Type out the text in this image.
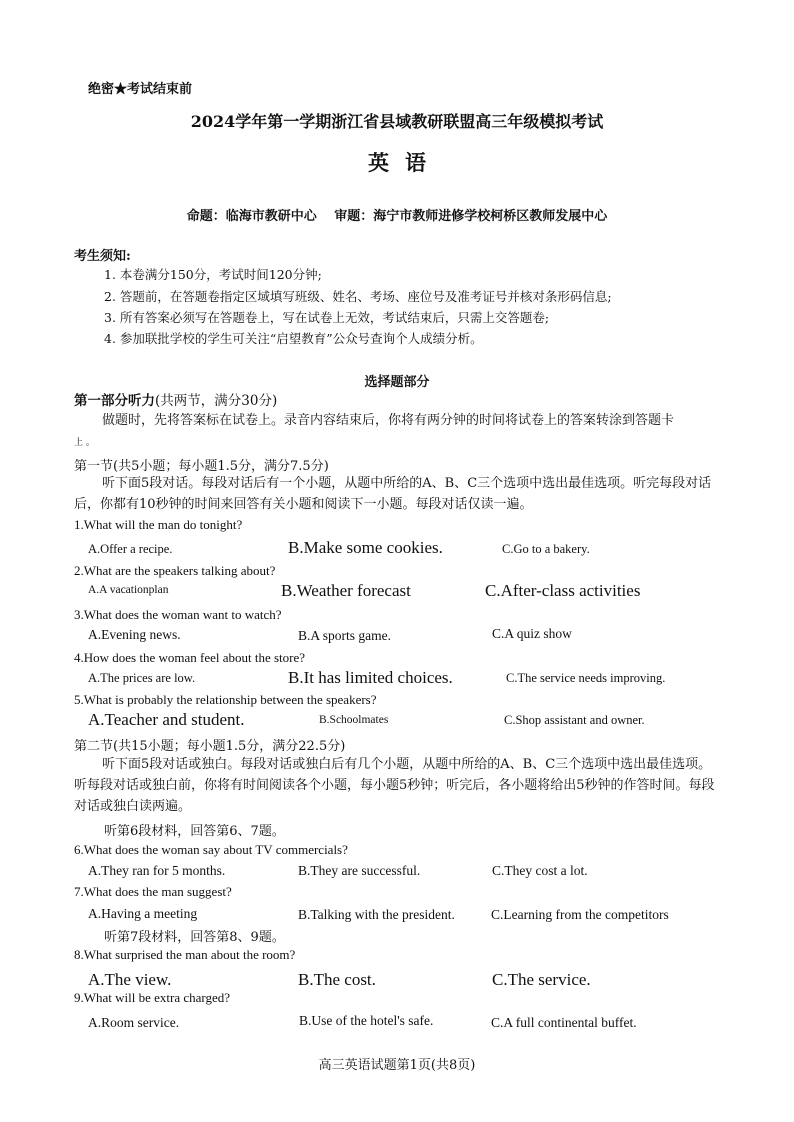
绝密★考试结束前
2024学年第一学期浙江省县域教研联盟高三年级模拟考试
英语
命题：临海市教研中心　 审题：海宁市教师进修学校柯桥区教师发展中心
考生须知:
1. 本卷满分150分，考试时间120分钟;
2. 答题前，在答题卷指定区域填写班级、姓名、考场、座位号及准考证号并核对条形码信息;
3. 所有答案必须写在答题卷上，写在试卷上无效，考试结束后，只需上交答题卷;
4. 参加联批学校的学生可关注“启望教育”公众号查询个人成绩分析。
选择题部分
第一部分听力(共两节，满分30分)
做题时，先将答案标在试卷上。录音内容结束后，你将有两分钟的时间将试卷上的答案转涂到答题卡
上 。
第一节(共5小题；每小题1.5分，满分7.5分)
听下面5段对话。每段对话后有一个小题，从题中所给的A、B、C三个选项中选出最佳选项。听完每段对话后，你都有10秒钟的时间来回答有关小题和阅读下一小题。每段对话仅读一遍。
1.What will the man do tonight?
A.Offer a recipe.	B.Make some cookies.	C.Go to a bakery.
2.What are the speakers talking about?
A.A vacationplan	B.Weather forecast	C.After-class activities
3.What does the woman want to watch?
A.Evening news.	B.A sports game.	C.A quiz show
4.How does the woman feel about the store?
A.The prices are low.	B.It has limited choices.	C.The service needs improving.
5.What is probably the relationship between the speakers?
A.Teacher and student.	B.Schoolmates	C.Shop assistant and owner.
第二节(共15小题；每小题1.5分，满分22.5分)
听下面5段对话或独白。每段对话或独白后有几个小题，从题中所给的A、B、C三个选项中选出最佳选项。听每段对话或独白前，你将有时间阅读各个小题，每小题5秒钟；听完后，各小题将给出5秒钟的作答时间。每段对话或独白读两遍。
听第6段材料，回答第6、7题。
6.What does the woman say about TV commercials?
A.They ran for 5 months.	B.They are successful.	C.They cost a lot.
7.What does the man suggest?
A.Having a meeting	B.Talking with the president.	C.Learning from the competitors
听第7段材料，回答第8、9题。
8.What surprised the man about the room?
A.The view.	B.The cost.	C.The service.
9.What will be extra charged?
A.Room service.	B.Use of the hotel's safe.	C.A full continental buffet.
高三英语试题第1页(共8页)
